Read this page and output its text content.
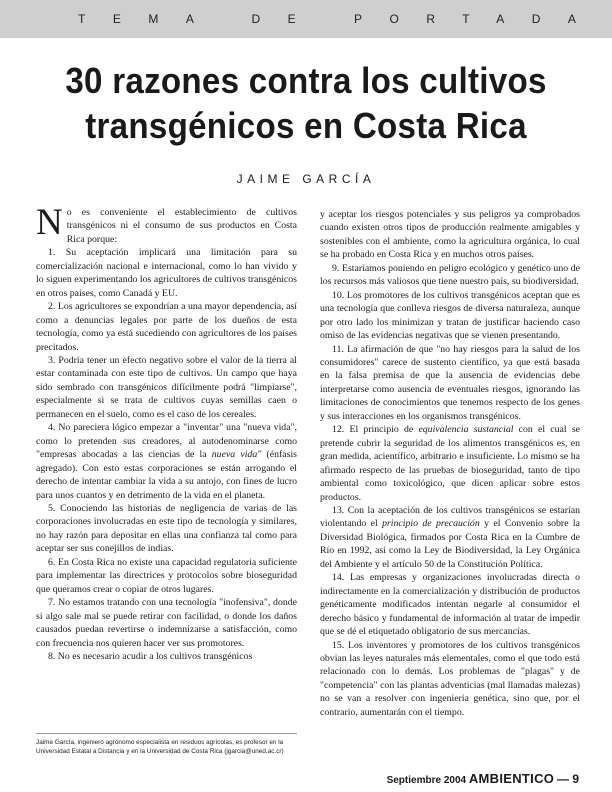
TEMA DE PORTADA
30 razones contra los cultivos
transgénicos en Costa Rica
JAIME GARCÍA

No es conveniente el establecimiento de cultivos transgénicos ni el consumo de sus productos en Costa Rica porque:

1. Su aceptación implicará una limitación para su comercialización nacional e internacional, como lo han vivido y lo siguen experimentando los agricultores de cultivos transgénicos en otros países, como Canadá y EU.

2. Los agricultores se expondrían a una mayor dependencia, así como a denuncias legales por parte de los dueños de esta tecnología, como ya está sucediendo con agricultores de los países precitados.

3. Podría tener un efecto negativo sobre el valor de la tierra al estar contaminada con este tipo de cultivos. Un campo que haya sido sembrado con transgénicos difícilmente podrá "limpiarse", especialmente si se trata de cultivos cuyas semillas caen o permanecen en el suelo, como es el caso de los cereales.

4. No pareciera lógico empezar a "inventar" una "nueva vida", como lo pretenden sus creadores, al autodenominarse como "empresas abocadas a las ciencias de la nueva vida" (énfasis agregado). Con esto estas corporaciones se están arrogando el derecho de intentar cambiar la vida a su antojo, con fines de lucro para unos cuantos y en detrimento de la vida en el planeta.

5. Conociendo las historias de negligencia de varias de las corporaciones involucradas en este tipo de tecnología y similares, no hay razón para depositar en ellas una confianza tal como para aceptar ser sus conejillos de indias.

6. En Costa Rica no existe una capacidad regulatoria suficiente para implementar las directrices y protocolos sobre bioseguridad que queramos crear o copiar de otros lugares.

7. No estamos tratando con una tecnología "inofensiva", donde si algo sale mal se puede retirar con facilidad, o donde los daños causados puedan revertirse o indemnizarse a satisfacción, como con frecuencia nos quieren hacer ver sus promotores.

8. No es necesario acudir a los cultivos transgénicos

y aceptar los riesgos potenciales y sus peligros ya comprobados cuando existen otros tipos de producción realmente amigables y sostenibles con el ambiente, como la agricultura orgánica, lo cual se ha probado en Costa Rica y en muchos otros países.

9. Estaríamos poniendo en peligro ecológico y genético uno de los recursos más valiosos que tiene nuestro país, su biodiversidad.

10. Los promotores de los cultivos transgénicos aceptan que es una tecnología que conlleva riesgos de diversa naturaleza, aunque por otro lado los minimizan y tratan de justificar haciendo caso omiso de las evidencias negativas que se vienen presentando.

11. La afirmación de que "no hay riesgos para la salud de los consumidores" carece de sustento científico, ya que está basada en la falsa premisa de que la ausencia de evidencias debe interpretarse como ausencia de eventuales riesgos, ignorando las limitaciones de conocimientos que tenemos respecto de los genes y sus interacciones en los organismos transgénicos.

12. El principio de equivalencia sustancial con el cual se pretende cubrir la seguridad de los alimentos transgénicos es, en gran medida, acientífico, arbitrario e insuficiente. Lo mismo se ha afirmado respecto de las pruebas de bioseguridad, tanto de tipo ambiental como toxicológico, que dicen aplicar sobre estos productos.

13. Con la aceptación de los cultivos transgénicos se estarían violentando el principio de precaución y el Convenio sobre la Diversidad Biológica, firmados por Costa Rica en la Cumbre de Río en 1992, así como la Ley de Biodiversidad, la Ley Orgánica del Ambiente y el artículo 50 de la Constitución Política.

14. Las empresas y organizaciones involucradas directa o indirectamente en la comercialización y distribución de productos genéticamente modificados intentan negarle al consumidor el derecho básico y fundamental de información al tratar de impedir que se dé el etiquetado obligatorio de sus mercancías.

15. Los inventores y promotores de los cultivos transgénicos obvian las leyes naturales más elementales, como el que todo está relacionado con lo demás. Los problemas de "plagas" y de "competencia" con las plantas adventicias (mal llamadas malezas) no se van a resolver con ingeniería genética, sino que, por el contrario, aumentarán con el tiempo.

Jaime García, ingeniero agrónomo especialista en residuos agrícolas, es profesor en la Universidad Estatal a Distancia y en la Universidad de Costa Rica (jgarcia@uned.ac.cr)
Septiembre 2004 AMBIENTICO — 9
